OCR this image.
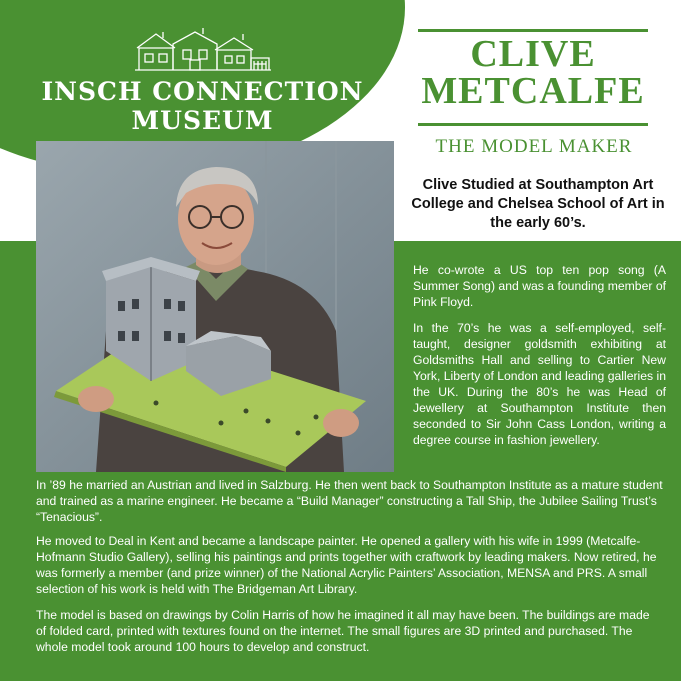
INSCH CONNECTION
MUSEUM
CLIVE
METCALFE
THE MODEL MAKER
Clive Studied at Southampton Art College and Chelsea School of Art in the early 60’s.
He co-wrote a US top ten pop song (A Summer Song) and was a founding member of Pink Floyd.
In the 70’s he was a self-employed, self-taught, designer goldsmith exhibiting at Goldsmiths Hall and selling to Cartier New York, Liberty of London and leading galleries in the UK. During the 80’s he was Head of Jewellery at Southampton Institute then seconded to Sir John Cass London, writing a degree course in fashion jewellery.
In ’89 he married an Austrian and lived in Salzburg. He then went back to Southampton Institute as a mature student and trained as a marine engineer. He became a “Build Manager” constructing a Tall Ship, the Jubilee Sailing Trust’s “Tenacious”.
He moved to Deal in Kent and became a landscape painter. He opened a gallery with his wife in 1999 (Metcalfe-Hofmann Studio Gallery), selling his paintings and prints together with craftwork by leading makers. Now retired, he was formerly a member (and prize winner) of the National Acrylic Painters’ Association, MENSA and PRS. A small selection of his work is held with The Bridgeman Art Library.
The model is based on drawings by Colin Harris of how he imagined it all may have been. The buildings are made of folded card, printed with textures found on the internet. The small figures are 3D printed and purchased. The whole model took around 100 hours to develop and construct.
